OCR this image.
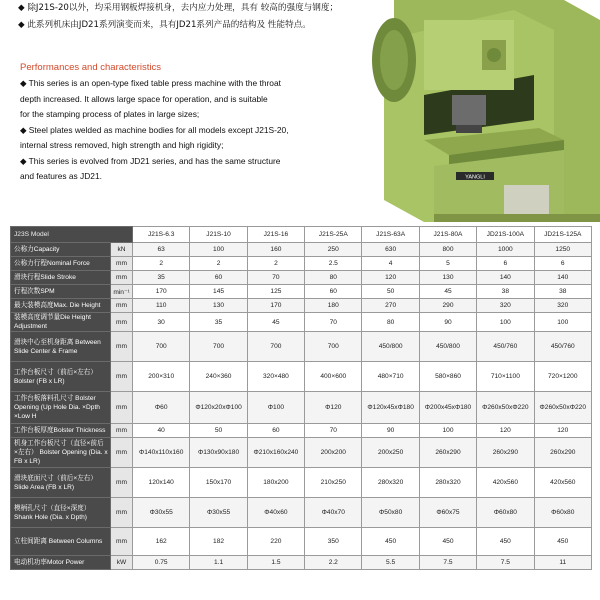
◆ 除J21S-20以外，均采用钢板焊接机身，去内应力处理，具有 较高的强度与钢度；
◆ 此系列机床由JD21系列演变而来，具有JD21系列产品的结构及 性能特点。
Performances and characteristics
◆ This series is an open-type fixed table press machine with the throat
depth increased. It allows large space for operation, and is suitable
for the stamping process of plates in large sizes;
◆ Steel plates welded as machine bodies for all models except J21S-20,
internal stress removed, high strength and high rigidity;
◆ This series is evolved from JD21 series, and has the same structure
and features as JD21.	YANGLI
J23S Model		J21S-6.3	J21S-10	J21S-16	J21S-25A	J21S-63A	J21S-80A	JD21S-100A	JD21S-125A
公称力Capacity	kN	63	100	160	250	630	800	1000	1250
公称力行程Nominal Force	mm	2	2	2	2.5	4	5	6	6
滑块行程Slide Stroke	mm	35	60	70	80	120	130	140	140
行程次数SPM	min⁻¹	170	145	125	60	50	45	38	38
最大装模高度Max. Die Height	mm	110	130	170	180	270	290	320	320
装模高度调节量Die Height Adjustment	mm	30	35	45	70	80	90	100	100
滑块中心至机身距离 Between Slide Center & Frame	mm	700	700	700	700	450/800	450/800	450/760	450/760
工作台板尺寸（前后×左右） Bolster (FB x LR)	mm	200×310	240×360	320×480	400×600	480×710	580×860	710×1100	720×1200
工作台板落料孔尺寸 Bolster Opening (Up Hole Dia. ×Dpth ×Low H	mm	Φ60	Φ120x20xΦ100	Φ100	Φ120	Φ120x45xΦ180	Φ200x45xΦ180	Φ260x50xΦ220	Φ260x50xΦ220
工作台板厚度Bolster Thickness	mm	40	50	60	70	90	100	120	120
机身工作台板尺寸（直径×前后 ×左右） Bolster Opening (Dia. x FB x LR)	mm	Φ140x110x160	Φ130x90x180	Φ210x160x240	200x200	200x250	260x290	260x290	260x290
滑块底面尺寸（前后×左右） Slide Area (FB x LR)	mm	120x140	150x170	180x200	210x250	280x320	280x320	420x560	420x560
模柄孔尺寸（直径×深度） Shank Hole (Dia. x Dpth)	mm	Φ30x55	Φ30x55	Φ40x60	Φ40x70	Φ50x80	Φ60x75	Φ60x80	Φ60x80
立柱间距离 Between Columns	mm	162	182	220	350	450	450	450	450
电动机功率Motor Power	kW	0.75	1.1	1.5	2.2	5.5	7.5	7.5	11
